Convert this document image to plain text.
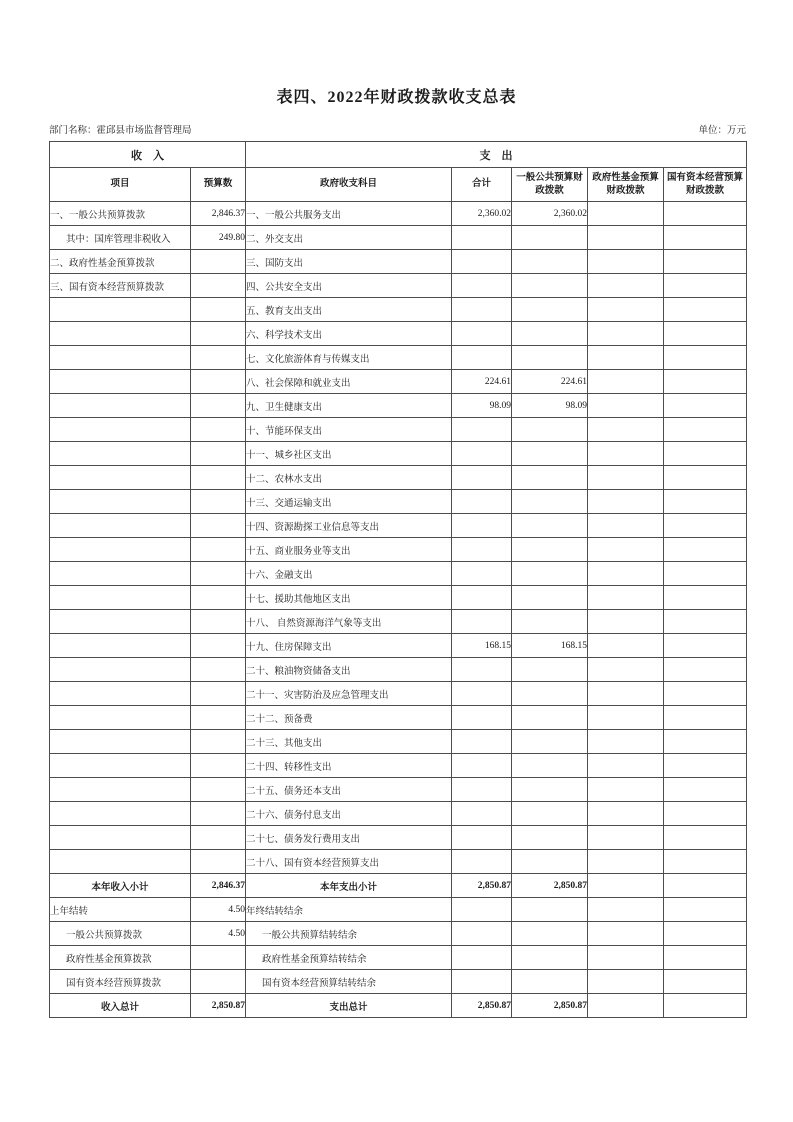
表四、2022年财政拨款收支总表
部门名称：霍邱县市场监督管理局	单位：万元
收　入		支　出				
项目	预算数	政府收支科目	合计	一般公共预算财政拨款	政府性基金预算财政拨款	国有资本经营预算财政拨款
一、一般公共预算拨款	2,846.37	一、一般公共服务支出	2,360.02	2,360.02		
其中：国库管理非税收入	249.80	二、外交支出				
二、政府性基金预算拨款		三、国防支出				
三、国有资本经营预算拨款		四、公共安全支出				
		五、教育支出支出				
		六、科学技术支出				
		七、文化旅游体育与传媒支出				
		八、社会保障和就业支出	224.61	224.61		
		九、卫生健康支出	98.09	98.09		
		十、节能环保支出				
		十一、城乡社区支出				
		十二、农林水支出				
		十三、交通运输支出				
		十四、资源勘探工业信息等支出				
		十五、商业服务业等支出				
		十六、金融支出				
		十七、援助其他地区支出				
		十八、 自然资源海洋气象等支出				
		十九、住房保障支出	168.15	168.15		
		二十、粮油物资储备支出				
		二十一、灾害防治及应急管理支出				
		二十二、预备费				
		二十三、其他支出				
		二十四、转移性支出				
		二十五、债务还本支出				
		二十六、债务付息支出				
		二十七、债务发行费用支出				
		二十八、国有资本经营预算支出				
本年收入小计	2,846.37	本年支出小计	2,850.87	2,850.87		
上年结转	4.50	年终结转结余				
一般公共预算拨款	4.50	一般公共预算结转结余				
政府性基金预算拨款		政府性基金预算结转结余				
国有资本经营预算拨款		国有资本经营预算结转结余				
收入总计	2,850.87	支出总计	2,850.87	2,850.87		
